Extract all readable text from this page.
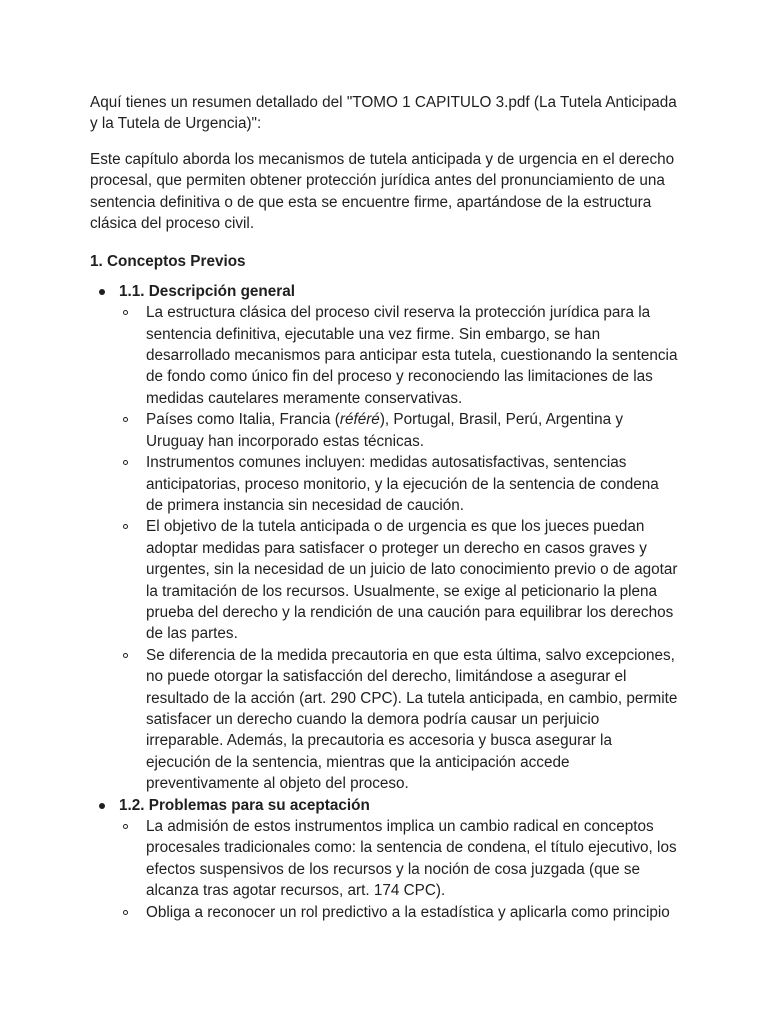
Aquí tienes un resumen detallado del "TOMO 1 CAPITULO 3.pdf (La Tutela Anticipada y la Tutela de Urgencia)":

Este capítulo aborda los mecanismos de tutela anticipada y de urgencia en el derecho procesal, que permiten obtener protección jurídica antes del pronunciamiento de una sentencia definitiva o de que esta se encuentre firme, apartándose de la estructura clásica del proceso civil.

1. Conceptos Previos

1.1. Descripción general
La estructura clásica del proceso civil reserva la protección jurídica para la sentencia definitiva, ejecutable una vez firme. Sin embargo, se han desarrollado mecanismos para anticipar esta tutela, cuestionando la sentencia de fondo como único fin del proceso y reconociendo las limitaciones de las medidas cautelares meramente conservativas.
Países como Italia, Francia (référé), Portugal, Brasil, Perú, Argentina y Uruguay han incorporado estas técnicas.
Instrumentos comunes incluyen: medidas autosatisfactivas, sentencias anticipatorias, proceso monitorio, y la ejecución de la sentencia de condena de primera instancia sin necesidad de caución.
El objetivo de la tutela anticipada o de urgencia es que los jueces puedan adoptar medidas para satisfacer o proteger un derecho en casos graves y urgentes, sin la necesidad de un juicio de lato conocimiento previo o de agotar la tramitación de los recursos. Usualmente, se exige al peticionario la plena prueba del derecho y la rendición de una caución para equilibrar los derechos de las partes.
Se diferencia de la medida precautoria en que esta última, salvo excepciones, no puede otorgar la satisfacción del derecho, limitándose a asegurar el resultado de la acción (art. 290 CPC). La tutela anticipada, en cambio, permite satisfacer un derecho cuando la demora podría causar un perjuicio irreparable. Además, la precautoria es accesoria y busca asegurar la ejecución de la sentencia, mientras que la anticipación accede preventivamente al objeto del proceso.
1.2. Problemas para su aceptación
La admisión de estos instrumentos implica un cambio radical en conceptos procesales tradicionales como: la sentencia de condena, el título ejecutivo, los efectos suspensivos de los recursos y la noción de cosa juzgada (que se alcanza tras agotar recursos, art. 174 CPC).
Obliga a reconocer un rol predictivo a la estadística y aplicarla como principio
